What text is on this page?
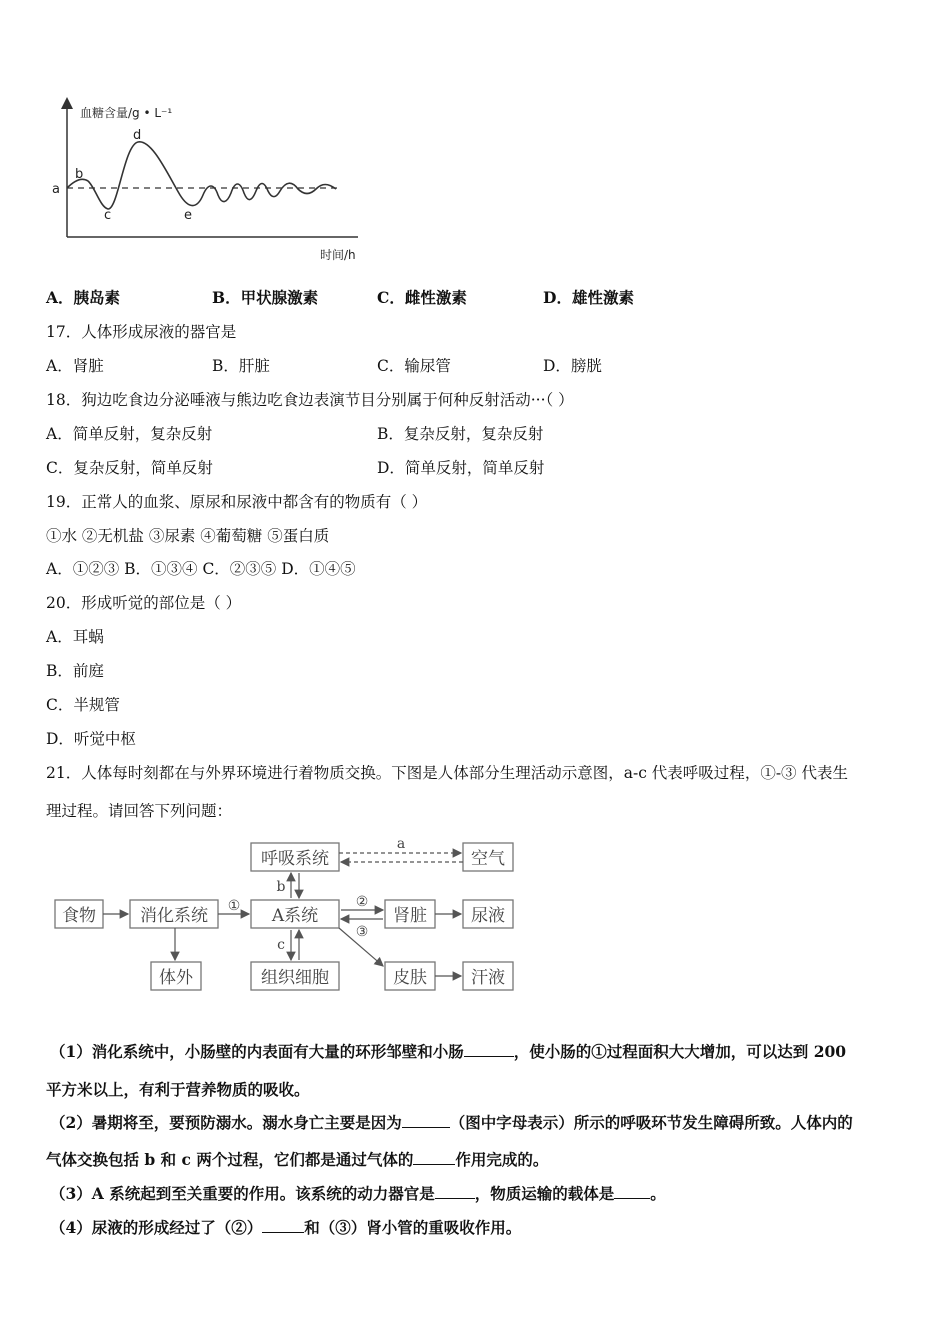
血糖含量/g • L⁻¹
a
b
c
d
e
时间/h
A．胰岛素	B．甲状腺激素	C．雌性激素	D．雄性激素
17．人体形成尿液的器官是
A．肾脏	B．肝脏	C．输尿管	D．膀胱
18．狗边吃食边分泌唾液与熊边吃食边表演节目分别属于何种反射活动···（ ）
A．简单反射，复杂反射	B．复杂反射，复杂反射
C．复杂反射，简单反射	D．简单反射，简单反射
19．正常人的血浆、原尿和尿液中都含有的物质有（ ）
①水 ②无机盐 ③尿素 ④葡萄糖 ⑤蛋白质
A．①②③ B．①③④ C．②③⑤ D．①④⑤
20．形成听觉的部位是（ ）
A．耳蜗
B．前庭
C．半规管
D．听觉中枢
21．人体每时刻都在与外界环境进行着物质交换。下图是人体部分生理活动示意图，a-c 代表呼吸过程，①-③ 代表生
理过程。请回答下列问题：
呼吸系统	空气
食物	消化系统	A系统	肾脏	尿液
体外	组织细胞	皮肤	汗液
a
b
c
①	②
③
（1）消化系统中，小肠壁的内表面有大量的环形邹壁和小肠	，使小肠的①过程面积大大增加，可以达到 200
平方米以上，有利于营养物质的吸收。
（2）暑期将至，要预防溺水。溺水身亡主要是因为	（图中字母表示）所示的呼吸环节发生障碍所致。人体内的
气体交换包括 b 和 c 两个过程，它们都是通过气体的	作用完成的。
（3）A 系统起到至关重要的作用。该系统的动力器官是	，物质运输的载体是 。
（4）尿液的形成经过了（②）	和（③）肾小管的重吸收作用。
